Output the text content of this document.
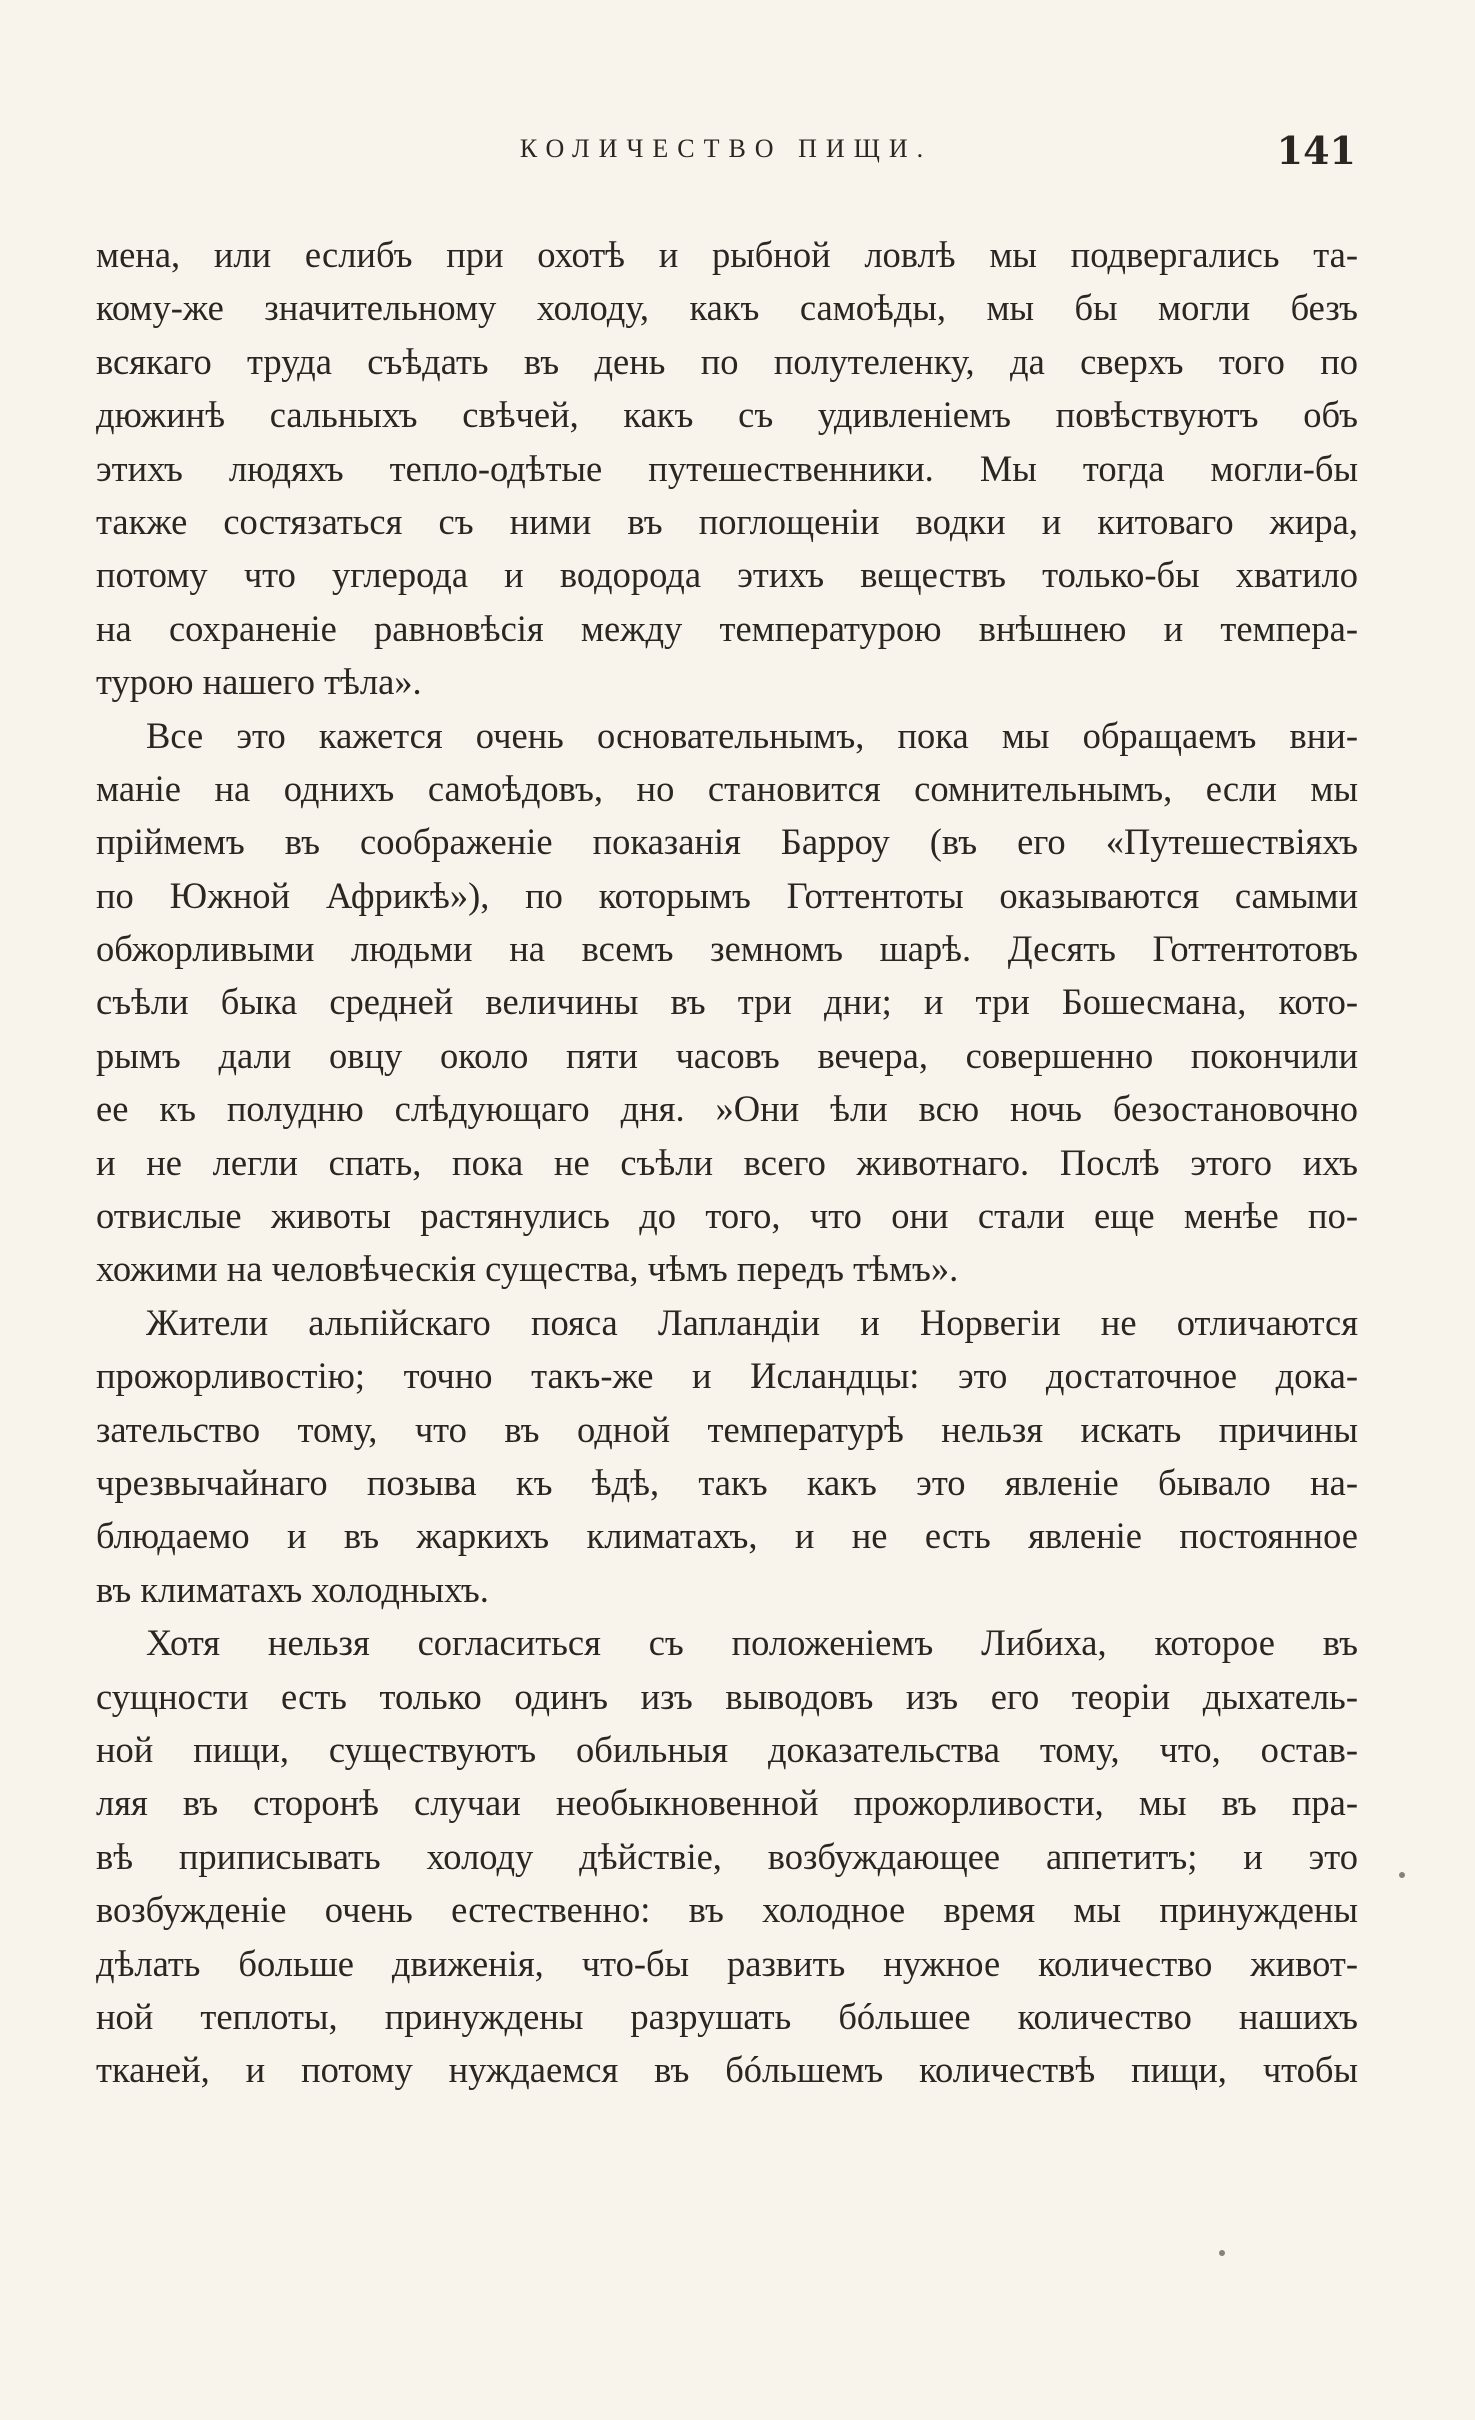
КОЛИЧЕСТВО ПИЩИ.	141
мена, или еслибъ при охотѣ и рыбной ловлѣ мы подвергались та-
кому-же значительному холоду, какъ самоѣды, мы бы могли безъ
всякаго труда съѣдать въ день по полутеленку, да сверхъ того по
дюжинѣ сальныхъ свѣчей, какъ съ удивленіемъ повѣствуютъ объ
этихъ людяхъ тепло-одѣтые путешественники. Мы тогда могли-бы
также состязаться съ ними въ поглощеніи водки и китоваго жира,
потому что углерода и водорода этихъ веществъ только-бы хватило
на сохраненіе равновѣсія между температурою внѣшнею и темпера-
турою нашего тѣла».
Все это кажется очень основательнымъ, пока мы обращаемъ вни-
маніе на однихъ самоѣдовъ, но становится сомнительнымъ, если мы
пріймемъ въ соображеніе показанія Барроу (въ его «Путешествіяхъ
по Южной Африкѣ»), по которымъ Готтентоты оказываются самыми
обжорливыми людьми на всемъ земномъ шарѣ. Десять Готтентотовъ
съѣли быка средней величины въ три дни; и три Бошесмана, кото-
рымъ дали овцу около пяти часовъ вечера, совершенно покончили
ее къ полудню слѣдующаго дня. »Они ѣли всю ночь безостановочно
и не легли спать, пока не съѣли всего животнаго. Послѣ этого ихъ
отвислые животы растянулись до того, что они стали еще менѣе по-
хожими на человѣческія существа, чѣмъ передъ тѣмъ».
Жители альпійскаго пояса Лапландіи и Норвегіи не отличаются
прожорливостію; точно такъ-же и Исландцы: это достаточное дока-
зательство тому, что въ одной температурѣ нельзя искать причины
чрезвычайнаго позыва къ ѣдѣ, такъ какъ это явленіе бывало на-
блюдаемо и въ жаркихъ климатахъ, и не есть явленіе постоянное
въ климатахъ холодныхъ.
Хотя нельзя согласиться съ положеніемъ Либиха, которое въ
сущности есть только одинъ изъ выводовъ изъ его теоріи дыхатель-
ной пищи, существуютъ обильныя доказательства тому, что, остав-
ляя въ сторонѣ случаи необыкновенной прожорливости, мы въ пра-
вѣ приписывать холоду дѣйствіе, возбуждающее аппетитъ; и это
возбужденіе очень естественно: въ холодное время мы принуждены
дѣлать больше движенія, что-бы развить нужное количество живот-
ной теплоты, принуждены разрушать бóльшее количество нашихъ
тканей, и потому нуждаемся въ бóльшемъ количествѣ пищи, чтобы
